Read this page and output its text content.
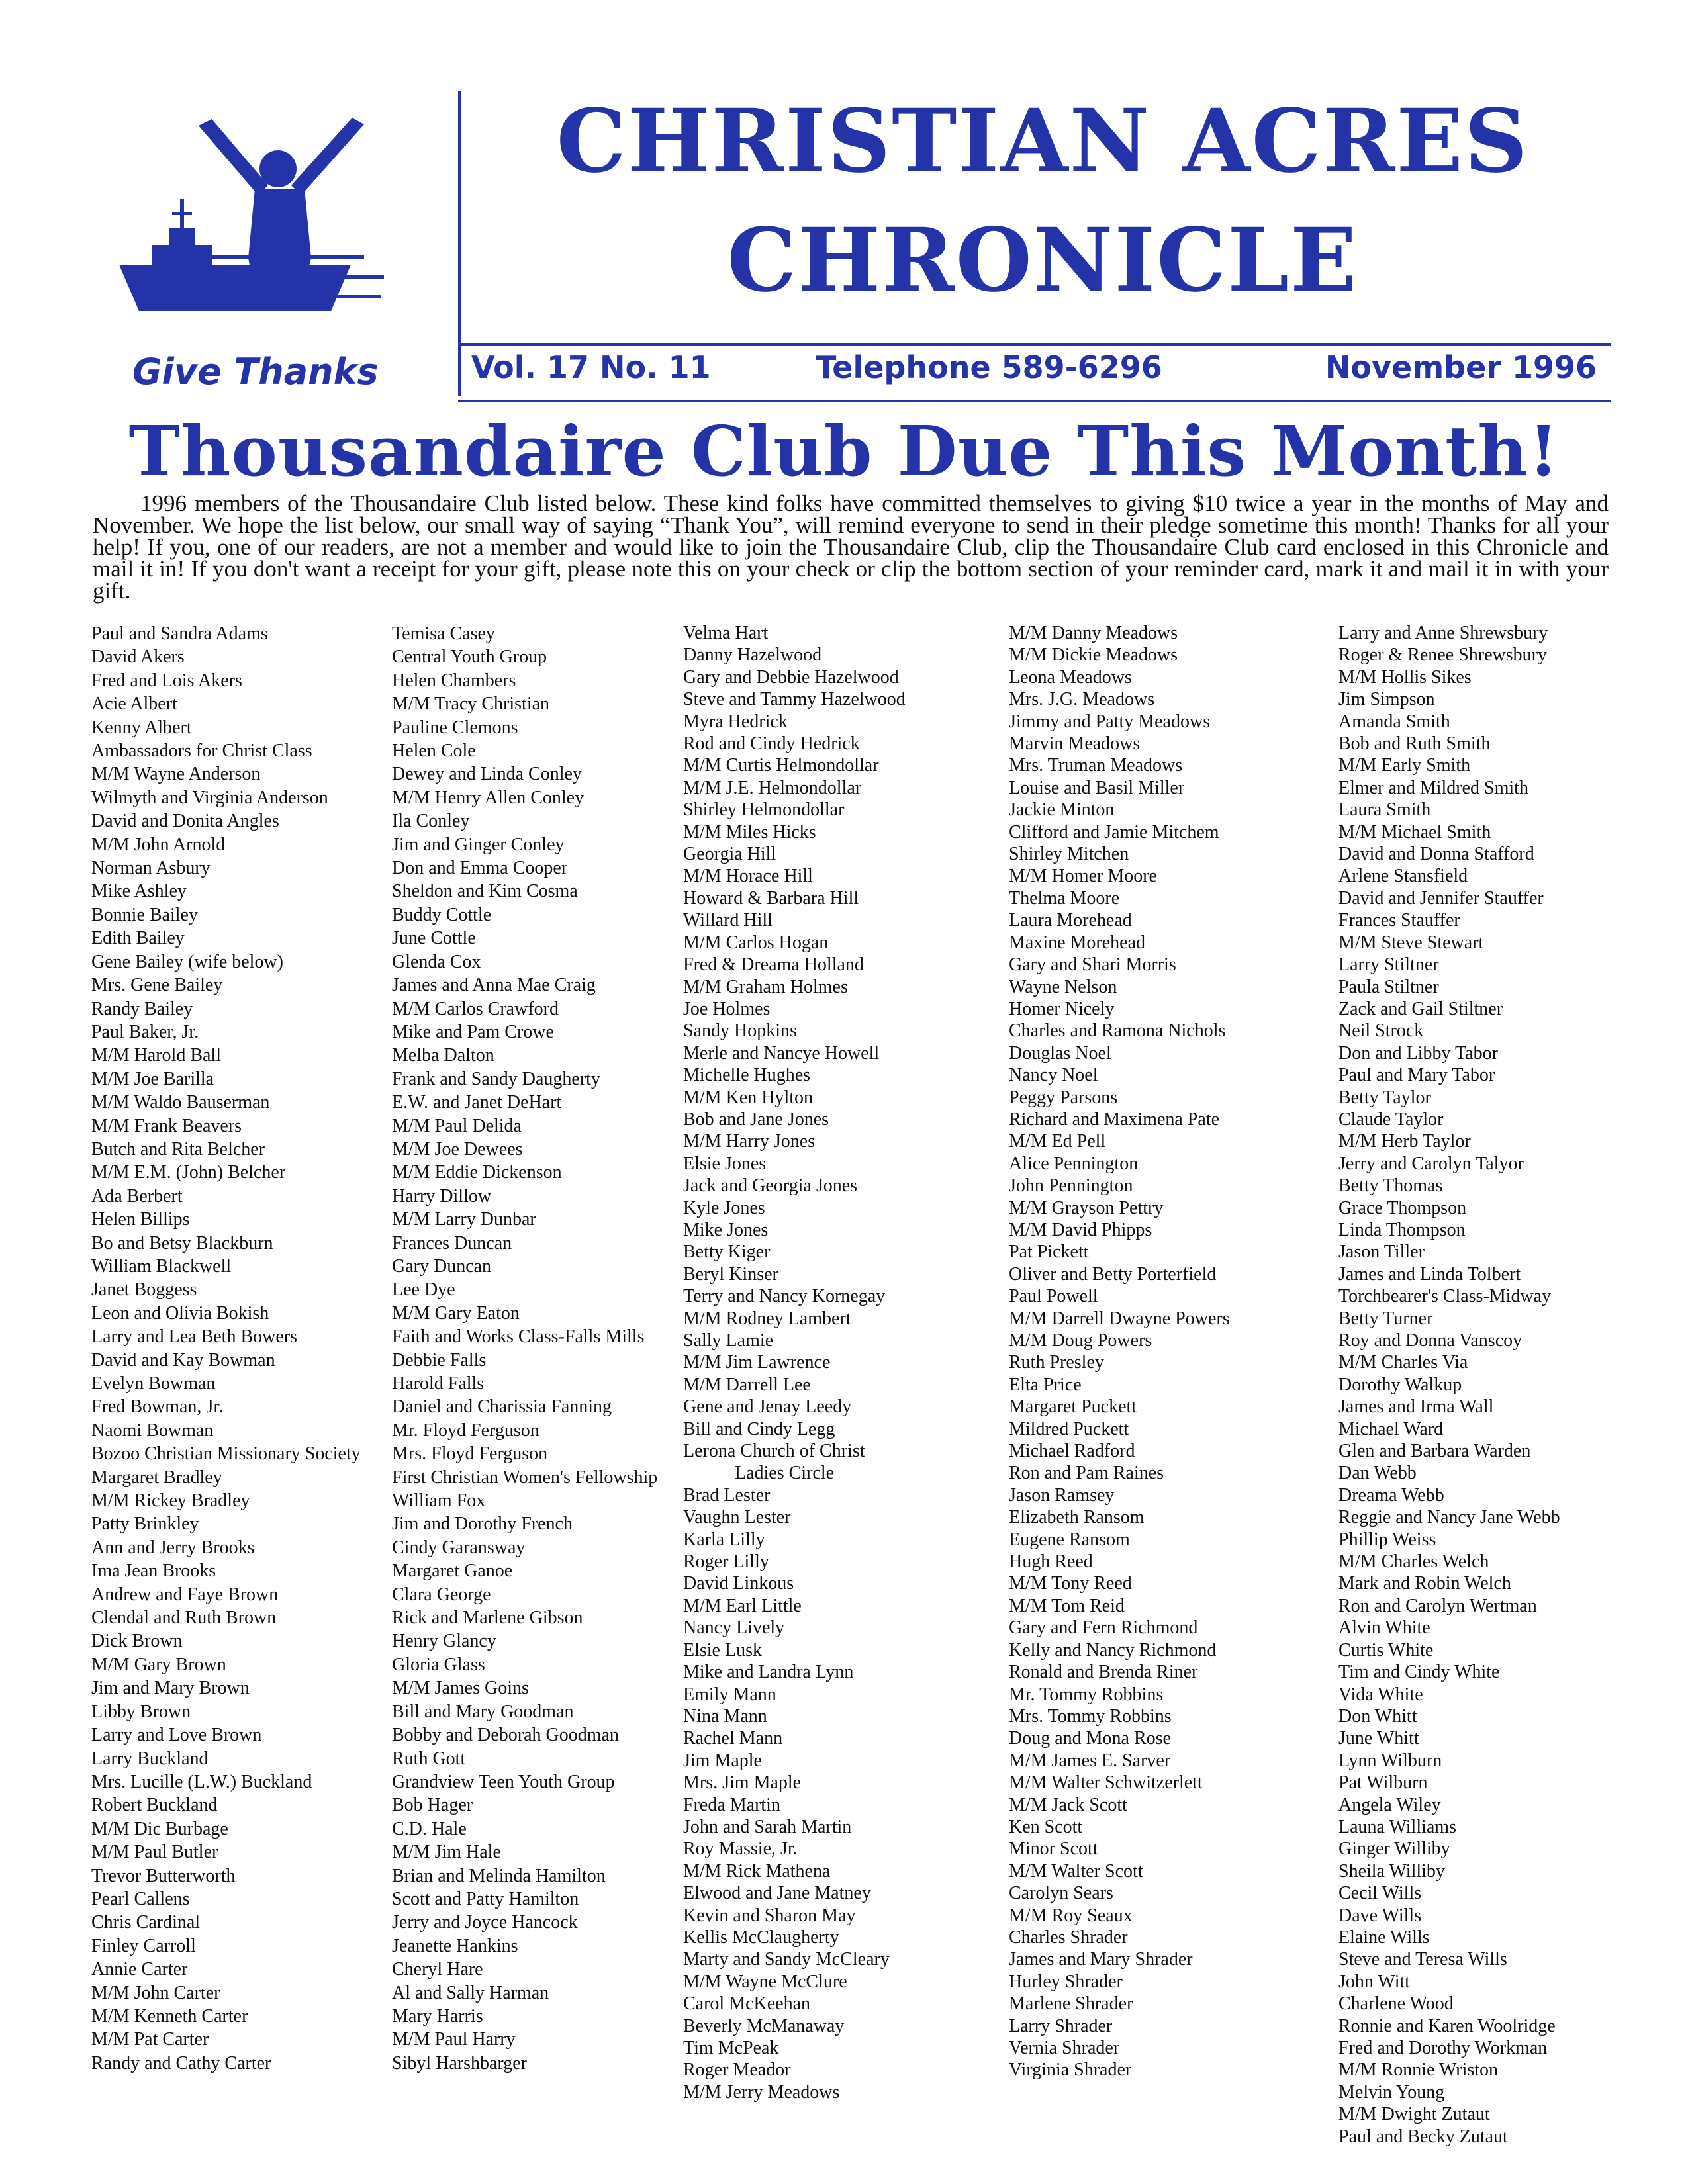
Give Thanks
CHRISTIAN ACRES
CHRONICLE
Vol. 17 No. 11	Telephone 589-6296	November 1996
Thousandaire Club Due This Month!

1996 members of the Thousandaire Club listed below. These kind folks have committed themselves to giving $10 twice a year in the months of May and November. We hope the list below, our small way of saying “Thank You”, will remind everyone to send in their pledge sometime this month! Thanks for all your help! If you, one of our readers, are not a member and would like to join the Thousandaire Club, clip the Thousandaire Club card enclosed in this Chronicle and mail it in! If you don't want a receipt for your gift, please note this on your check or clip the bottom section of your reminder card, mark it and mail it in with your gift.

Paul and Sandra Adams
David Akers
Fred and Lois Akers
Acie Albert
Kenny Albert
Ambassadors for Christ Class
M/M Wayne Anderson
Wilmyth and Virginia Anderson
David and Donita Angles
M/M John Arnold
Norman Asbury
Mike Ashley
Bonnie Bailey
Edith Bailey
Gene Bailey (wife below)
Mrs. Gene Bailey
Randy Bailey
Paul Baker, Jr.
M/M Harold Ball
M/M Joe Barilla
M/M Waldo Bauserman
M/M Frank Beavers
Butch and Rita Belcher
M/M E.M. (John) Belcher
Ada Berbert
Helen Billips
Bo and Betsy Blackburn
William Blackwell
Janet Boggess
Leon and Olivia Bokish
Larry and Lea Beth Bowers
David and Kay Bowman
Evelyn Bowman
Fred Bowman, Jr.
Naomi Bowman
Bozoo Christian Missionary Society
Margaret Bradley
M/M Rickey Bradley
Patty Brinkley
Ann and Jerry Brooks
Ima Jean Brooks
Andrew and Faye Brown
Clendal and Ruth Brown
Dick Brown
M/M Gary Brown
Jim and Mary Brown
Libby Brown
Larry and Love Brown
Larry Buckland
Mrs. Lucille (L.W.) Buckland
Robert Buckland
M/M Dic Burbage
M/M Paul Butler
Trevor Butterworth
Pearl Callens
Chris Cardinal
Finley Carroll
Annie Carter
M/M John Carter
M/M Kenneth Carter
M/M Pat Carter
Randy and Cathy Carter
Temisa Casey
Central Youth Group
Helen Chambers
M/M Tracy Christian
Pauline Clemons
Helen Cole
Dewey and Linda Conley
M/M Henry Allen Conley
Ila Conley
Jim and Ginger Conley
Don and Emma Cooper
Sheldon and Kim Cosma
Buddy Cottle
June Cottle
Glenda Cox
James and Anna Mae Craig
M/M Carlos Crawford
Mike and Pam Crowe
Melba Dalton
Frank and Sandy Daugherty
E.W. and Janet DeHart
M/M Paul Delida
M/M Joe Dewees
M/M Eddie Dickenson
Harry Dillow
M/M Larry Dunbar
Frances Duncan
Gary Duncan
Lee Dye
M/M Gary Eaton
Faith and Works Class-Falls Mills
Debbie Falls
Harold Falls
Daniel and Charissia Fanning
Mr. Floyd Ferguson
Mrs. Floyd Ferguson
First Christian Women's Fellowship
William Fox
Jim and Dorothy French
Cindy Garansway
Margaret Ganoe
Clara George
Rick and Marlene Gibson
Henry Glancy
Gloria Glass
M/M James Goins
Bill and Mary Goodman
Bobby and Deborah Goodman
Ruth Gott
Grandview Teen Youth Group
Bob Hager
C.D. Hale
M/M Jim Hale
Brian and Melinda Hamilton
Scott and Patty Hamilton
Jerry and Joyce Hancock
Jeanette Hankins
Cheryl Hare
Al and Sally Harman
Mary Harris
M/M Paul Harry
Sibyl Harshbarger
Velma Hart
Danny Hazelwood
Gary and Debbie Hazelwood
Steve and Tammy Hazelwood
Myra Hedrick
Rod and Cindy Hedrick
M/M Curtis Helmondollar
M/M J.E. Helmondollar
Shirley Helmondollar
M/M Miles Hicks
Georgia Hill
M/M Horace Hill
Howard & Barbara Hill
Willard Hill
M/M Carlos Hogan
Fred & Dreama Holland
M/M Graham Holmes
Joe Holmes
Sandy Hopkins
Merle and Nancye Howell
Michelle Hughes
M/M Ken Hylton
Bob and Jane Jones
M/M Harry Jones
Elsie Jones
Jack and Georgia Jones
Kyle Jones
Mike Jones
Betty Kiger
Beryl Kinser
Terry and Nancy Kornegay
M/M Rodney Lambert
Sally Lamie
M/M Jim Lawrence
M/M Darrell Lee
Gene and Jenay Leedy
Bill and Cindy Legg
Lerona Church of Christ
Ladies Circle
Brad Lester
Vaughn Lester
Karla Lilly
Roger Lilly
David Linkous
M/M Earl Little
Nancy Lively
Elsie Lusk
Mike and Landra Lynn
Emily Mann
Nina Mann
Rachel Mann
Jim Maple
Mrs. Jim Maple
Freda Martin
John and Sarah Martin
Roy Massie, Jr.
M/M Rick Mathena
Elwood and Jane Matney
Kevin and Sharon May
Kellis McClaugherty
Marty and Sandy McCleary
M/M Wayne McClure
Carol McKeehan
Beverly McManaway
Tim McPeak
Roger Meador
M/M Jerry Meadows
M/M Danny Meadows
M/M Dickie Meadows
Leona Meadows
Mrs. J.G. Meadows
Jimmy and Patty Meadows
Marvin Meadows
Mrs. Truman Meadows
Louise and Basil Miller
Jackie Minton
Clifford and Jamie Mitchem
Shirley Mitchen
M/M Homer Moore
Thelma Moore
Laura Morehead
Maxine Morehead
Gary and Shari Morris
Wayne Nelson
Homer Nicely
Charles and Ramona Nichols
Douglas Noel
Nancy Noel
Peggy Parsons
Richard and Maximena Pate
M/M Ed Pell
Alice Pennington
John Pennington
M/M Grayson Pettry
M/M David Phipps
Pat Pickett
Oliver and Betty Porterfield
Paul Powell
M/M Darrell Dwayne Powers
M/M Doug Powers
Ruth Presley
Elta Price
Margaret Puckett
Mildred Puckett
Michael Radford
Ron and Pam Raines
Jason Ramsey
Elizabeth Ransom
Eugene Ransom
Hugh Reed
M/M Tony Reed
M/M Tom Reid
Gary and Fern Richmond
Kelly and Nancy Richmond
Ronald and Brenda Riner
Mr. Tommy Robbins
Mrs. Tommy Robbins
Doug and Mona Rose
M/M James E. Sarver
M/M Walter Schwitzerlett
M/M Jack Scott
Ken Scott
Minor Scott
M/M Walter Scott
Carolyn Sears
M/M Roy Seaux
Charles Shrader
James and Mary Shrader
Hurley Shrader
Marlene Shrader
Larry Shrader
Vernia Shrader
Virginia Shrader
Larry and Anne Shrewsbury
Roger & Renee Shrewsbury
M/M Hollis Sikes
Jim Simpson
Amanda Smith
Bob and Ruth Smith
M/M Early Smith
Elmer and Mildred Smith
Laura Smith
M/M Michael Smith
David and Donna Stafford
Arlene Stansfield
David and Jennifer Stauffer
Frances Stauffer
M/M Steve Stewart
Larry Stiltner
Paula Stiltner
Zack and Gail Stiltner
Neil Strock
Don and Libby Tabor
Paul and Mary Tabor
Betty Taylor
Claude Taylor
M/M Herb Taylor
Jerry and Carolyn Talyor
Betty Thomas
Grace Thompson
Linda Thompson
Jason Tiller
James and Linda Tolbert
Torchbearer's Class-Midway
Betty Turner
Roy and Donna Vanscoy
M/M Charles Via
Dorothy Walkup
James and Irma Wall
Michael Ward
Glen and Barbara Warden
Dan Webb
Dreama Webb
Reggie and Nancy Jane Webb
Phillip Weiss
M/M Charles Welch
Mark and Robin Welch
Ron and Carolyn Wertman
Alvin White
Curtis White
Tim and Cindy White
Vida White
Don Whitt
June Whitt
Lynn Wilburn
Pat Wilburn
Angela Wiley
Launa Williams
Ginger Williby
Sheila Williby
Cecil Wills
Dave Wills
Elaine Wills
Steve and Teresa Wills
John Witt
Charlene Wood
Ronnie and Karen Woolridge
Fred and Dorothy Workman
M/M Ronnie Wriston
Melvin Young
M/M Dwight Zutaut
Paul and Becky Zutaut
